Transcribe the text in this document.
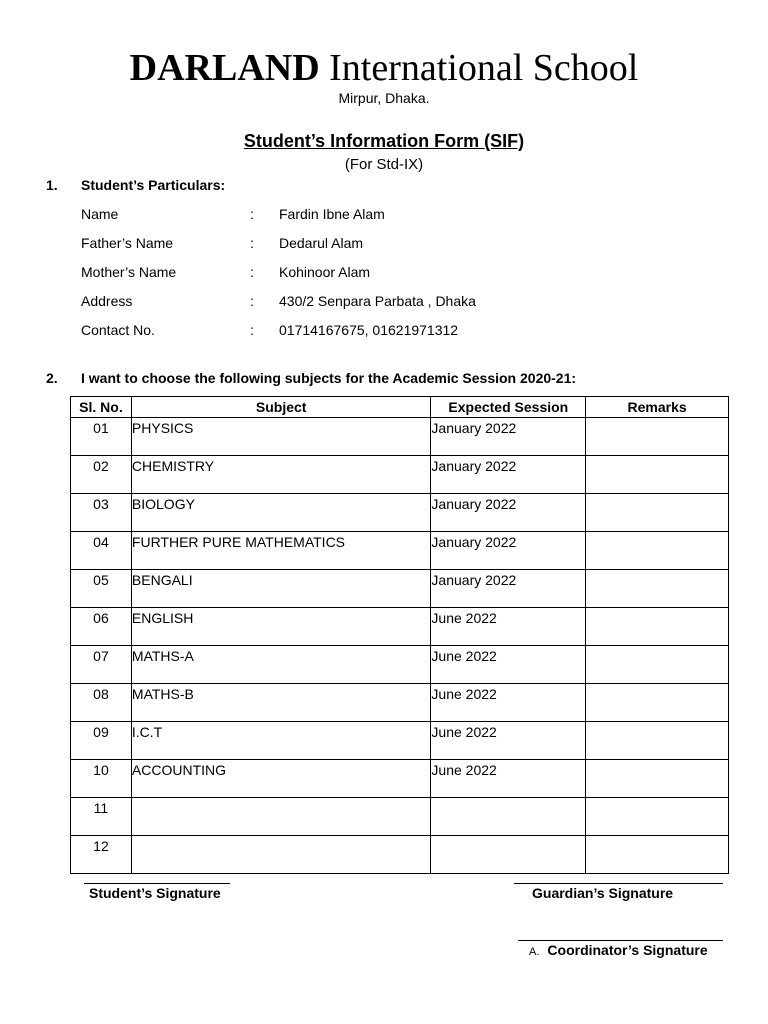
DARLAND International School
Mirpur, Dhaka.
Student’s Information Form (SIF)
(For Std-IX)
1. Student’s Particulars:
Name	: Fardin Ibne Alam
Father’s Name	: Dedarul Alam
Mother’s Name	: Kohinoor Alam
Address	: 430/2 Senpara Parbata , Dhaka
Contact No.	: 01714167675, 01621971312
2. I want to choose the following subjects for the Academic Session 2020-21:
Sl. No.	Subject	Expected Session	Remarks
01	PHYSICS	January 2022	
02	CHEMISTRY	January 2022	
03	BIOLOGY	January 2022	
04	FURTHER PURE MATHEMATICS	January 2022	
05	BENGALI	January 2022	
06	ENGLISH	June 2022	
07	MATHS-A	June 2022	
08	MATHS-B	June 2022	
09	I.C.T	June 2022	
10	ACCOUNTING	June 2022	
11			
12			
Student’s Signature	Guardian’s Signature
A. Coordinator’s Signature
